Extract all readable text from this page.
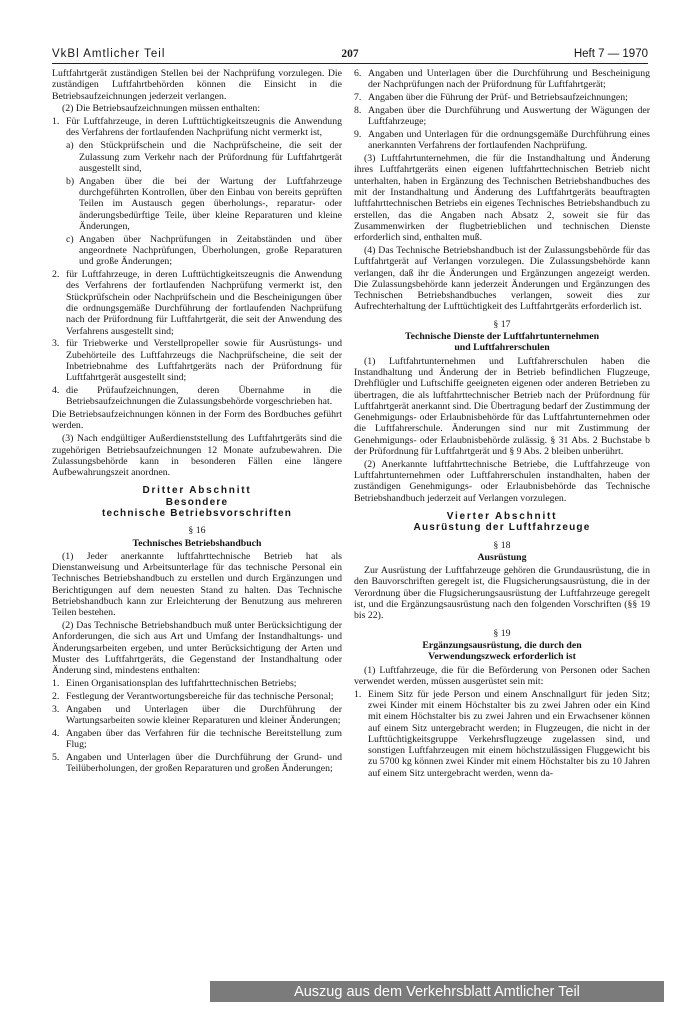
VkBl Amtlicher Teil	207	Heft 7 — 1970

Luftfahrtgerät zuständigen Stellen bei der Nachprüfung vorzulegen. Die zuständigen Luftfahrtbehörden können die Einsicht in die Betriebsaufzeichnungen jederzeit verlangen.

(2) Die Betriebsaufzeichnungen müssen enthalten:

1. Für Luftfahrzeuge, in deren Lufttüchtigkeitszeugnis die Anwendung des Verfahrens der fortlaufenden Nachprüfung nicht vermerkt ist,
a) den Stückprüfschein und die Nachprüfscheine, die seit der Zulassung zum Verkehr nach der Prüfordnung für Luftfahrtgerät ausgestellt sind,
b) Angaben über die bei der Wartung der Luftfahrzeuge durchgeführten Kontrollen, über den Einbau von bereits geprüften Teilen im Austausch gegen überholungs-, reparatur- oder änderungsbedürftige Teile, über kleine Reparaturen und kleine Änderungen,
c) Angaben über Nachprüfungen in Zeitabständen und über angeordnete Nachprüfungen, Überholungen, große Reparaturen und große Änderungen;
2. für Luftfahrzeuge, in deren Lufttüchtigkeitszeugnis die Anwendung des Verfahrens der fortlaufenden Nachprüfung vermerkt ist, den Stückprüfschein oder Nachprüfschein und die Bescheinigungen über die ordnungsgemäße Durchführung der fortlaufenden Nachprüfung nach der Prüfordnung für Luftfahrtgerät, die seit der Anwendung des Verfahrens ausgestellt sind;
3. für Triebwerke und Verstellpropeller sowie für Ausrüstungs- und Zubehörteile des Luftfahrzeugs die Nachprüfscheine, die seit der Inbetriebnahme des Luftfahrtgeräts nach der Prüfordnung für Luftfahrtgerät ausgestellt sind;
4. die Prüfaufzeichnungen, deren Übernahme in die Betriebsaufzeichnungen die Zulassungsbehörde vorgeschrieben hat.

Die Betriebsaufzeichnungen können in der Form des Bordbuches geführt werden.

(3) Nach endgültiger Außerdienststellung des Luftfahrtgeräts sind die zugehörigen Betriebsaufzeichnungen 12 Monate aufzubewahren. Die Zulassungsbehörde kann in besonderen Fällen eine längere Aufbewahrungszeit anordnen.

Dritter Abschnitt
Besondere
technische Betriebsvorschriften
§ 16
Technisches Betriebshandbuch

(1) Jeder anerkannte luftfahrttechnische Betrieb hat als Dienstanweisung und Arbeitsunterlage für das technische Personal ein Technisches Betriebshandbuch zu erstellen und durch Ergänzungen und Berichtigungen auf dem neuesten Stand zu halten. Das Technische Betriebshandbuch kann zur Erleichterung der Benutzung aus mehreren Teilen bestehen.

(2) Das Technische Betriebshandbuch muß unter Berücksichtigung der Anforderungen, die sich aus Art und Umfang der Instandhaltungs- und Änderungsarbeiten ergeben, und unter Berücksichtigung der Arten und Muster des Luftfahrtgeräts, die Gegenstand der Instandhaltung oder Änderung sind, mindestens enthalten:

1. Einen Organisationsplan des luftfahrttechnischen Betriebs;
2. Festlegung der Verantwortungsbereiche für das technische Personal;
3. Angaben und Unterlagen über die Durchführung der Wartungsarbeiten sowie kleiner Reparaturen und kleiner Änderungen;
4. Angaben über das Verfahren für die technische Bereitstellung zum Flug;
5. Angaben und Unterlagen über die Durchführung der Grund- und Teilüberholungen, der großen Reparaturen und großen Änderungen;
6. Angaben und Unterlagen über die Durchführung und Bescheinigung der Nachprüfungen nach der Prüfordnung für Luftfahrtgerät;
7. Angaben über die Führung der Prüf- und Betriebsaufzeichnungen;
8. Angaben über die Durchführung und Auswertung der Wägungen der Luftfahrzeuge;
9. Angaben und Unterlagen für die ordnungsgemäße Durchführung eines anerkannten Verfahrens der fortlaufenden Nachprüfung.

(3) Luftfahrtunternehmen, die für die Instandhaltung und Änderung ihres Luftfahrtgeräts einen eigenen luftfahrttechnischen Betrieb nicht unterhalten, haben in Ergänzung des Technischen Betriebshandbuches des mit der Instandhaltung und Änderung des Luftfahrtgeräts beauftragten luftfahrttechnischen Betriebs ein eigenes Technisches Betriebshandbuch zu erstellen, das die Angaben nach Absatz 2, soweit sie für das Zusammenwirken der flugbetrieblichen und technischen Dienste erforderlich sind, enthalten muß.

(4) Das Technische Betriebshandbuch ist der Zulassungsbehörde für das Luftfahrtgerät auf Verlangen vorzulegen. Die Zulassungsbehörde kann verlangen, daß ihr die Änderungen und Ergänzungen angezeigt werden. Die Zulassungsbehörde kann jederzeit Änderungen und Ergänzungen des Technischen Betriebshandbuches verlangen, soweit dies zur Aufrechterhaltung der Lufttüchtigkeit des Luftfahrtgeräts erforderlich ist.

§ 17
Technische Dienste der Luftfahrtunternehmen
und Luftfahrerschulen

(1) Luftfahrtunternehmen und Luftfahrerschulen haben die Instandhaltung und Änderung der in Betrieb befindlichen Flugzeuge, Drehflügler und Luftschiffe geeigneten eigenen oder anderen Betrieben zu übertragen, die als luftfahrttechnischer Betrieb nach der Prüfordnung für Luftfahrtgerät anerkannt sind. Die Übertragung bedarf der Zustimmung der Genehmigungs- oder Erlaubnisbehörde für das Luftfahrtunternehmen oder die Luftfahrerschule. Änderungen sind nur mit Zustimmung der Genehmigungs- oder Erlaubnisbehörde zulässig. § 31 Abs. 2 Buchstabe b der Prüfordnung für Luftfahrtgerät und § 9 Abs. 2 bleiben unberührt.

(2) Anerkannte luftfahrttechnische Betriebe, die Luftfahrzeuge von Luftfahrtunternehmen oder Luftfahrerschulen instandhalten, haben der zuständigen Genehmigungs- oder Erlaubnisbehörde das Technische Betriebshandbuch jederzeit auf Verlangen vorzulegen.

Vierter Abschnitt
Ausrüstung der Luftfahrzeuge
§ 18
Ausrüstung

Zur Ausrüstung der Luftfahrzeuge gehören die Grundausrüstung, die in den Bauvorschriften geregelt ist, die Flugsicherungsausrüstung, die in der Verordnung über die Flugsicherungsausrüstung der Luftfahrzeuge geregelt ist, und die Ergänzungsausrüstung nach den folgenden Vorschriften (§§ 19 bis 22).

§ 19
Ergänzungsausrüstung, die durch den
Verwendungszweck erforderlich ist

(1) Luftfahrzeuge, die für die Beförderung von Personen oder Sachen verwendet werden, müssen ausgerüstet sein mit:

1. Einem Sitz für jede Person und einem Anschnallgurt für jeden Sitz; zwei Kinder mit einem Höchstalter bis zu zwei Jahren oder ein Kind mit einem Höchstalter bis zu zwei Jahren und ein Erwachsener können auf einem Sitz untergebracht werden; in Flugzeugen, die nicht in der Lufttüchtigkeitsgruppe Verkehrsflugzeuge zugelassen sind, und sonstigen Luftfahrzeugen mit einem höchstzulässigen Fluggewicht bis zu 5700 kg können zwei Kinder mit einem Höchstalter bis zu 10 Jahren auf einem Sitz untergebracht werden, wenn da-
Auszug aus dem Verkehrsblatt Amtlicher Teil
